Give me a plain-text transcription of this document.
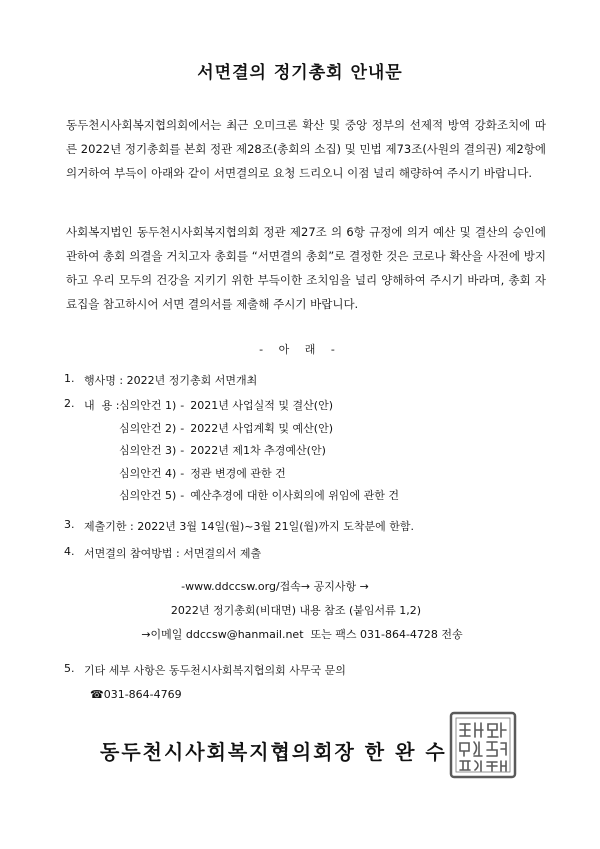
서면결의 정기총회 안내문

동두천시사회복지협의회에서는 최근 오미크론 확산 및 중앙 정부의 선제적 방역 강화조치에 따른 2022년 정기총회를 본회 정관 제28조(총회의 소집) 및 민법 제73조(사원의 결의권) 제2항에 의거하여 부득이 아래와 같이 서면결의로 요청 드리오니 이점 널리 해량하여 주시기 바랍니다.

사회복지법인 동두천시사회복지협의회 정관 제27조 의 6항 규정에 의거 예산 및 결산의 승인에 관하여 총회 의결을 거치고자 총회를 “서면결의 총회”로 결정한 것은 코로나 확산을 사전에 방지하고 우리 모두의 건강을 지키기 위한 부득이한 조치임을 널리 양해하여 주시기 바라며, 총회 자료집을 참고하시어 서면 결의서를 제출해 주시기 바랍니다.

- 아 래 -
1. 행사명 : 2022년 정기총회 서면개최
2. 내  용 : 심의안건 1) - 2021년 사업실적 및 결산(안)
심의안건 2) - 2022년 사업계획 및 예산(안)
심의안건 3) - 2022년 제1차 추경예산(안)
심의안건 4) - 정관 변경에 관한 건
심의안건 5) - 예산추경에 대한 이사회의에 위임에 관한 건
3. 제출기한 : 2022년 3월 14일(월)~3월 21일(월)까지 도착분에 한함.
4. 서면결의 참여방법 : 서면결의서 제출
-www.ddccsw.org/접속→ 공지사항 →
2022년 정기총회(비대면) 내용 참조 (붙임서류 1,2)
→이메일 ddccsw@hanmail.net  또는 팩스 031-864-4728 전송
5. 기타 세부 사항은 동두천시사회복지협의회 사무국 문의
☎031-864-4769
동두천시사회복지협의회장 한 완 수
